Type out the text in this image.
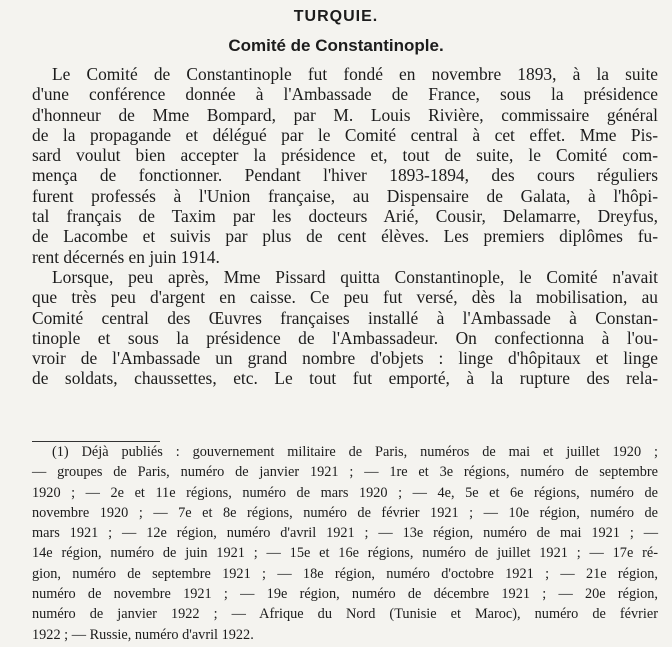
TURQUIE.
Comité de Constantinople.
Le Comité de Constantinople fut fondé en novembre 1893, à la suite
d'une conférence donnée à l'Ambassade de France, sous la présidence
d'honneur de Mme Bompard, par M. Louis Rivière, commissaire général
de la propagande et délégué par le Comité central à cet effet. Mme Pis-
sard voulut bien accepter la présidence et, tout de suite, le Comité com-
mença de fonctionner. Pendant l'hiver 1893-1894, des cours réguliers
furent professés à l'Union française, au Dispensaire de Galata, à l'hôpi-
tal français de Taxim par les docteurs Arié, Cousir, Delamarre, Dreyfus,
de Lacombe et suivis par plus de cent élèves. Les premiers diplômes fu-
rent décernés en juin 1914.
Lorsque, peu après, Mme Pissard quitta Constantinople, le Comité n'avait
que très peu d'argent en caisse. Ce peu fut versé, dès la mobilisation, au
Comité central des Œuvres françaises installé à l'Ambassade à Constan-
tinople et sous la présidence de l'Ambassadeur. On confectionna à l'ou-
vroir de l'Ambassade un grand nombre d'objets : linge d'hôpitaux et linge
de soldats, chaussettes, etc. Le tout fut emporté, à la rupture des rela-
(1) Déjà publiés : gouvernement militaire de Paris, numéros de mai et juillet 1920 ;
— groupes de Paris, numéro de janvier 1921 ; — 1re et 3e régions, numéro de septembre
1920 ; — 2e et 11e régions, numéro de mars 1920 ; — 4e, 5e et 6e régions, numéro de
novembre 1920 ; — 7e et 8e régions, numéro de février 1921 ; — 10e région, numéro de
mars 1921 ; — 12e région, numéro d'avril 1921 ; — 13e région, numéro de mai 1921 ; —
14e région, numéro de juin 1921 ; — 15e et 16e régions, numéro de juillet 1921 ; — 17e ré-
gion, numéro de septembre 1921 ; — 18e région, numéro d'octobre 1921 ; — 21e région,
numéro de novembre 1921 ; — 19e région, numéro de décembre 1921 ; — 20e région,
numéro de janvier 1922 ; — Afrique du Nord (Tunisie et Maroc), numéro de février
1922 ; — Russie, numéro d'avril 1922.
